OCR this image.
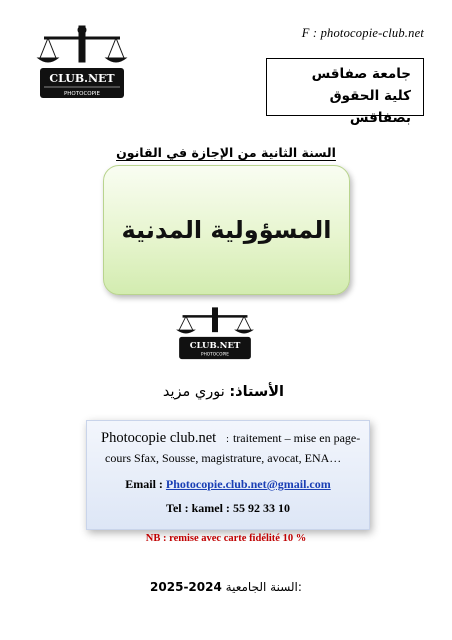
F : photocopie-club.net
CLUB.NET
PHOTOCOPIE
جامعة صفاقس
كلية الحقوق بصفاقس
السنة الثانية من الإجازة في القانون
المسؤولية المدنية
CLUB.NET
PHOTOCOPIE
الأستاذ: نوري مزيد
Photocopie club.net : traitement – mise en page-
cours Sfax, Sousse, magistrature, avocat, ENA…
Email : Photocopie.club.net@gmail.com
Tel : kamel : 55 92 33 10
NB : remise avec carte fidélité 10 %
2025-2024 السنة الجامعية:
